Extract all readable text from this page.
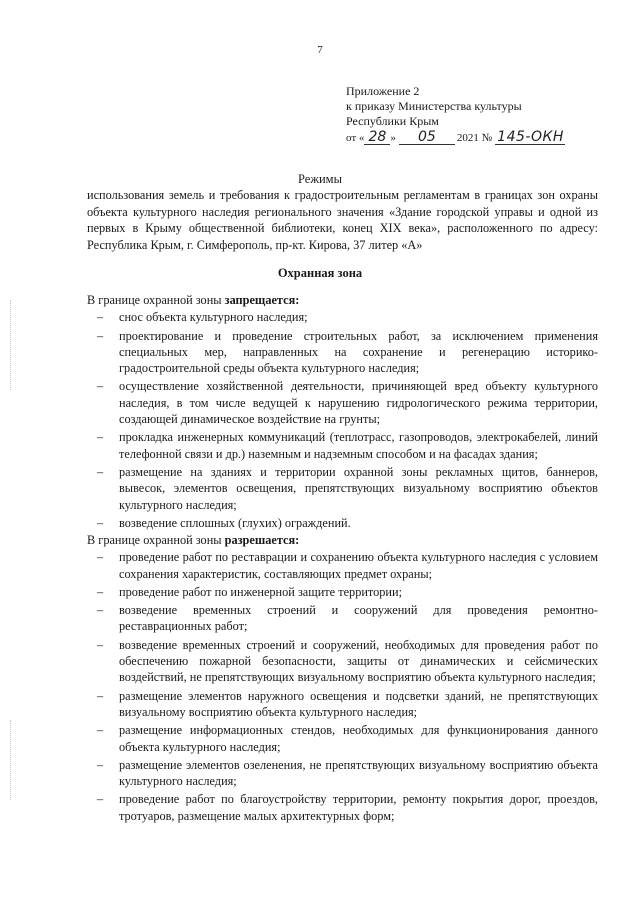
7
Приложение 2
к приказу Министерства культуры
Республики Крым
от « 28 »	05	2021 № 145-ОКН
Режимы
использования земель и требования к градостроительным регламентам в границах зон охраны объекта культурного наследия регионального значения «Здание городской управы и одной из первых в Крыму общественной библиотеки, конец XIX века», расположенного по адресу: Республика Крым, г. Симферополь, пр-кт. Кирова, 37 литер «А»
Охранная зона
В границе охранной зоны запрещается:
– снос объекта культурного наследия;
– проектирование и проведение строительных работ, за исключением применения специальных мер, направленных на сохранение и регенерацию историко-градостроительной среды объекта культурного наследия;
– осуществление хозяйственной деятельности, причиняющей вред объекту культурного наследия, в том числе ведущей к нарушению гидрологического режима территории, создающей динамическое воздействие на грунты;
– прокладка инженерных коммуникаций (теплотрасс, газопроводов, электрокабелей, линий телефонной связи и др.) наземным и надземным способом и на фасадах здания;
– размещение на зданиях и территории охранной зоны рекламных щитов, баннеров, вывесок, элементов освещения, препятствующих визуальному восприятию объектов культурного наследия;
– возведение сплошных (глухих) ограждений.
В границе охранной зоны разрешается:
– проведение работ по реставрации и сохранению объекта культурного наследия с условием сохранения характеристик, составляющих предмет охраны;
– проведение работ по инженерной защите территории;
– возведение временных строений и сооружений для проведения ремонтно-реставрационных работ;
– возведение временных строений и сооружений, необходимых для проведения работ по обеспечению пожарной безопасности, защиты от динамических и сейсмических воздействий, не препятствующих визуальному восприятию объекта культурного наследия;
– размещение элементов наружного освещения и подсветки зданий, не препятствующих визуальному восприятию объекта культурного наследия;
– размещение информационных стендов, необходимых для функционирования данного объекта культурного наследия;
– размещение элементов озеленения, не препятствующих визуальному восприятию объекта культурного наследия;
– проведение работ по благоустройству территории, ремонту покрытия дорог, проездов, тротуаров, размещение малых архитектурных форм;
